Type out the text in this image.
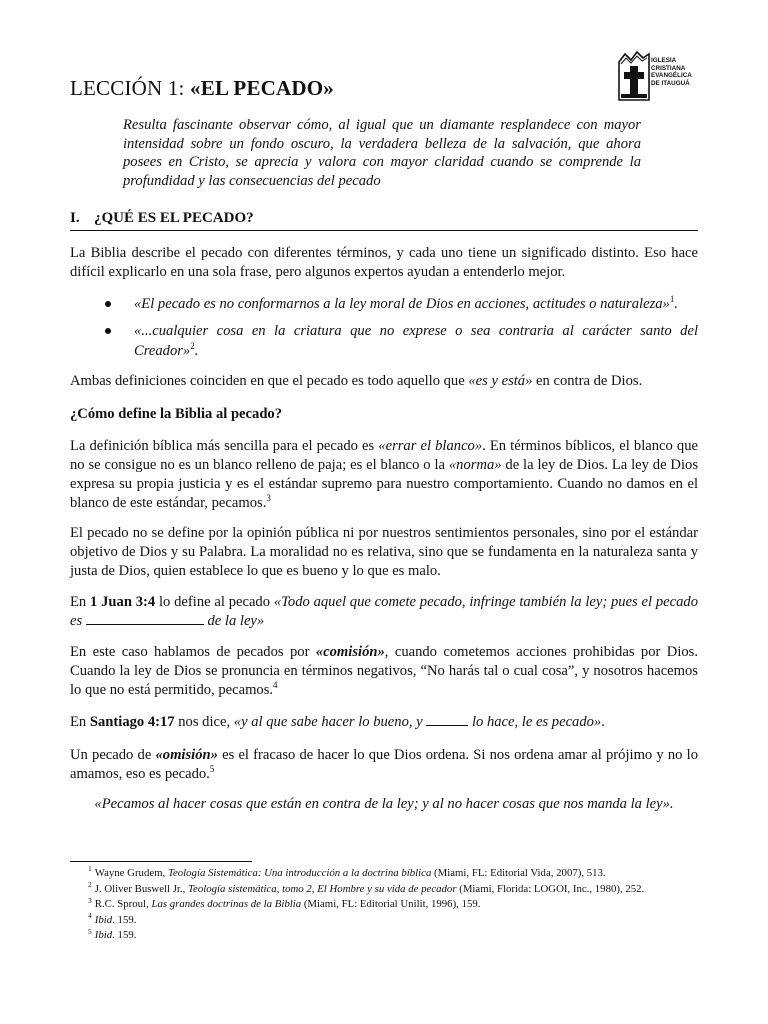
LECCIÓN 1: «EL PECADO»
IGLESIA
CRISTIANA
EVANGÉLICA
DE ITAUGUÁ

Resulta fascinante observar cómo, al igual que un diamante resplandece con mayor intensidad sobre un fondo oscuro, la verdadera belleza de la salvación, que ahora posees en Cristo, se aprecia y valora con mayor claridad cuando se comprende la profundidad y las consecuencias del pecado

I. ¿QUÉ ES EL PECADO?

La Biblia describe el pecado con diferentes términos, y cada uno tiene un significado distinto. Eso hace difícil explicarlo en una sola frase, pero algunos expertos ayudan a entenderlo mejor.

«El pecado es no conformarnos a la ley moral de Dios en acciones, actitudes o naturaleza»$^1$.
«...cualquier cosa en la criatura que no exprese o sea contraria al carácter santo del Creador»$^2$.

Ambas definiciones coinciden en que el pecado es todo aquello que «es y está» en contra de Dios.

¿Cómo define la Biblia al pecado?

La definición bíblica más sencilla para el pecado es «errar el blanco». En términos bíblicos, el blanco que no se consigue no es un blanco relleno de paja; es el blanco o la «norma» de la ley de Dios. La ley de Dios expresa su propia justicia y es el estándar supremo para nuestro comportamiento. Cuando no damos en el blanco de este estándar, pecamos.$^3$

El pecado no se define por la opinión pública ni por nuestros sentimientos personales, sino por el estándar objetivo de Dios y su Palabra. La moralidad no es relativa, sino que se fundamenta en la naturaleza santa y justa de Dios, quien establece lo que es bueno y lo que es malo.

En 1 Juan 3:4 lo define al pecado «Todo aquel que comete pecado, infringe también la ley; pues el pecado es	de la ley»

En este caso hablamos de pecados por «comisión», cuando cometemos acciones prohibidas por Dios. Cuando la ley de Dios se pronuncia en términos negativos, “No harás tal o cual cosa”, y nosotros hacemos lo que no está permitido, pecamos.$^4$

En Santiago 4:17 nos dice, «y al que sabe hacer lo bueno, y	lo hace, le es pecado».

Un pecado de «omisión» es el fracaso de hacer lo que Dios ordena. Si nos ordena amar al prójimo y no lo amamos, eso es pecado.$^5$

«Pecamos al hacer cosas que están en contra de la ley; y al no hacer cosas que nos manda la ley».

$^1$ Wayne Grudem, Teología Sistemática: Una introducción a la doctrina bíblica (Miami, FL: Editorial Vida, 2007), 513.
$^2$ J. Oliver Buswell Jr., Teología sistemática, tomo 2, El Hombre y su vida de pecador (Miami, Florida: LOGOI, Inc., 1980), 252.
$^3$ R.C. Sproul, Las grandes doctrinas de la Biblia (Miami, FL: Editorial Unilit, 1996), 159.
$^4$ Ibid. 159.
$^5$ Ibid. 159.
